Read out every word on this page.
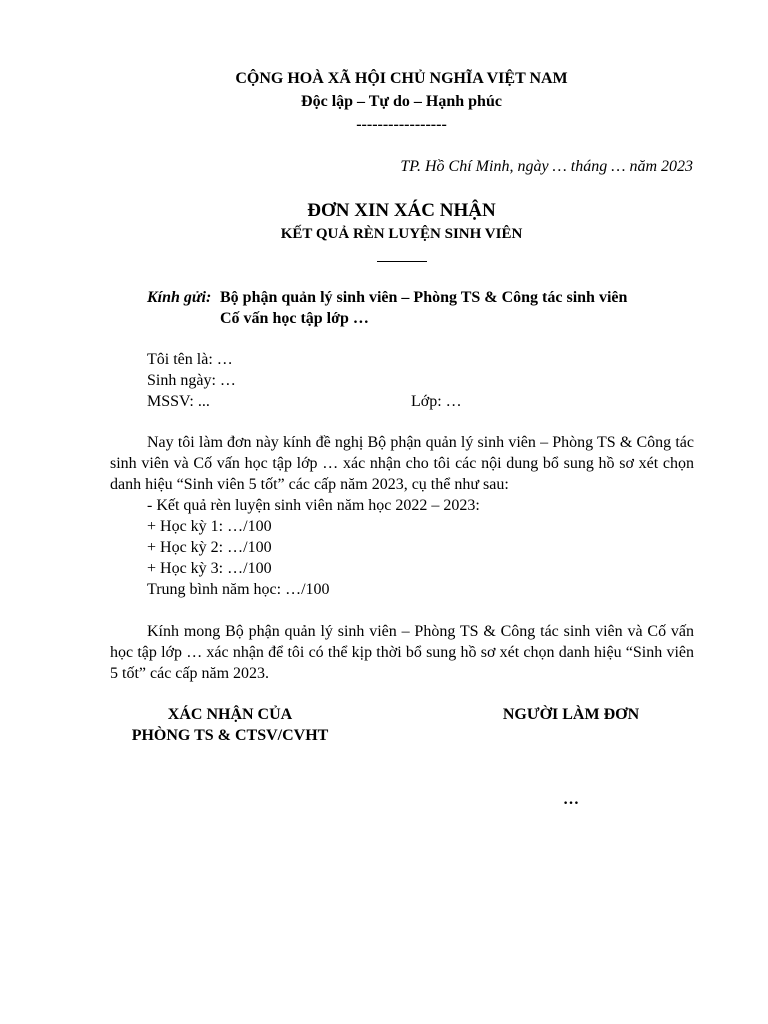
CỘNG HOÀ XÃ HỘI CHỦ NGHĨA VIỆT NAM
Độc lập – Tự do – Hạnh phúc
-----------------
TP. Hồ Chí Minh, ngày … tháng … năm 2023
ĐƠN XIN XÁC NHẬN
KẾT QUẢ RÈN LUYỆN SINH VIÊN
Kính gửi: Bộ phận quản lý sinh viên – Phòng TS & Công tác sinh viên
Cố vấn học tập lớp …
Tôi tên là: …
Sinh ngày: …
MSSV: ...	Lớp: …
Nay tôi làm đơn này kính đề nghị Bộ phận quản lý sinh viên – Phòng TS & Công tác sinh viên và Cố vấn học tập lớp … xác nhận cho tôi các nội dung bổ sung hồ sơ xét chọn danh hiệu “Sinh viên 5 tốt” các cấp năm 2023, cụ thể như sau:
- Kết quả rèn luyện sinh viên năm học 2022 – 2023:
+ Học kỳ 1: …/100
+ Học kỳ 2: …/100
+ Học kỳ 3: …/100
Trung bình năm học: …/100
Kính mong Bộ phận quản lý sinh viên – Phòng TS & Công tác sinh viên và Cố vấn học tập lớp … xác nhận để tôi có thể kịp thời bổ sung hồ sơ xét chọn danh hiệu “Sinh viên 5 tốt” các cấp năm 2023.
XÁC NHẬN CỦA
PHÒNG TS & CTSV/CVHT
NGƯỜI LÀM ĐƠN
…
